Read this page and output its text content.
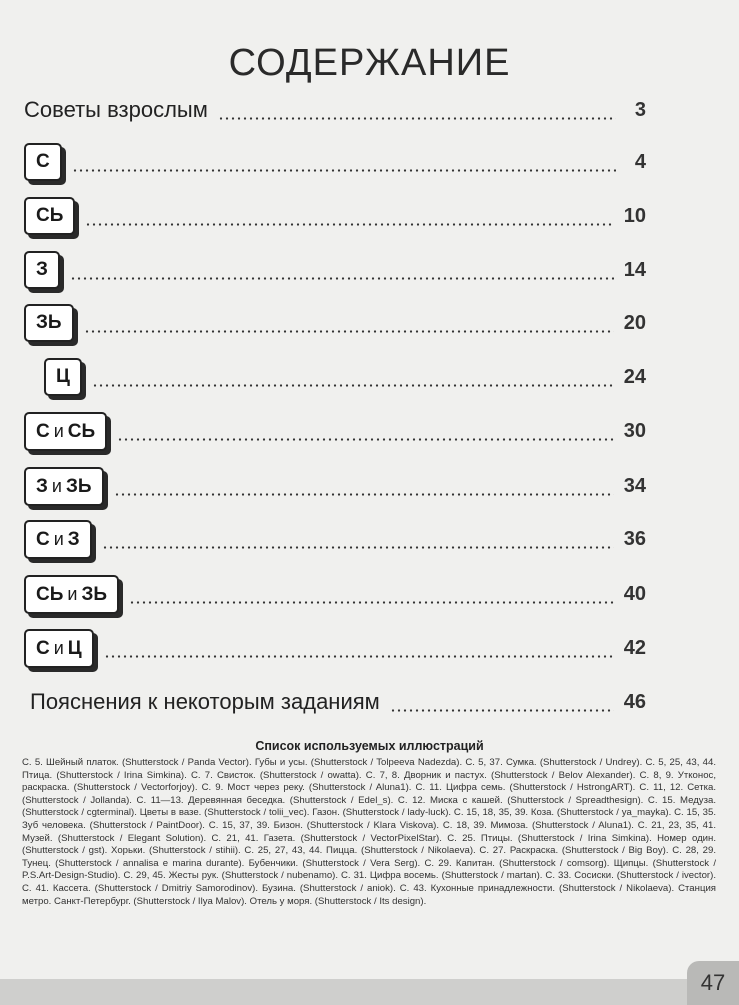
СОДЕРЖАНИЕ
Советы взрослым	3
С	4
СЬ	10
З	14
ЗЬ	20
Ц	24
С и СЬ	30
З и ЗЬ	34
С и З	36
СЬ и ЗЬ	40
С и Ц	42
Пояснения к некоторым заданиям	46
Список используемых иллюстраций
С. 5. Шейный платок. (Shutterstock / Panda Vector). Губы и усы. (Shutterstock / Tolpeeva Nadezda). С. 5, 37. Сумка. (Shutterstock / Undrey). С. 5, 25, 43, 44. Птица. (Shutterstock / Irina Simkina). С. 7. Свисток. (Shutterstock / owatta). С. 7, 8. Дворник и пастух. (Shutterstock / Belov Alexander). С. 8, 9. Утконос, раскраска. (Shutterstock / Vectorforjoy). С. 9. Мост через реку. (Shutterstock / Aluna1). С. 11. Цифра семь. (Shutterstock / HstrongART). С. 11, 12. Сетка. (Shutterstock / Jollanda). С. 11—13. Деревянная беседка. (Shutterstock / Edel_s). С. 12. Миска с кашей. (Shutterstock / Spreadthesign). С. 15. Медуза. (Shutterstock / cgterminal). Цветы в вазе. (Shutterstock / tolii_vec). Газон. (Shutterstock / lady-luck). С. 15, 18, 35, 39. Коза. (Shutterstock / ya_mayka). С. 15, 35. Зуб человека. (Shutterstock / PaintDoor). С. 15, 37, 39. Бизон. (Shutterstock / Klara Viskova). С. 18, 39. Мимоза. (Shutterstock / Aluna1). С. 21, 23, 35, 41. Музей. (Shutterstock / Elegant Solution). С. 21, 41. Газета. (Shutterstock / VectorPixelStar). С. 25. Птицы. (Shutterstock / Irina Simkina). Номер один. (Shutterstock / gst). Хорьки. (Shutterstock / stihii). С. 25, 27, 43, 44. Пицца. (Shutterstock / Nikolaeva). С. 27. Раскраска. (Shutterstock / Big Boy). С. 28, 29. Тунец. (Shutterstock / annalisa e marina durante). Бубенчики. (Shutterstock / Vera Serg). С. 29. Капитан. (Shutterstock / comsorg). Щипцы. (Shutterstock / P.S.Art-Design-Studio). С. 29, 45. Жесты рук. (Shutterstock / nubenamo). С. 31. Цифра восемь. (Shutterstock / martan). С. 33. Сосиски. (Shutterstock / ivector). С. 41. Кассета. (Shutterstock / Dmitriy Samorodinov). Бузина. (Shutterstock / aniok). С. 43. Кухонные принадлежности. (Shutterstock / Nikolaeva). Станция метро. Санкт-Петербург. (Shutterstock / Ilya Malov). Отель у моря. (Shutterstock / Its design).
47
